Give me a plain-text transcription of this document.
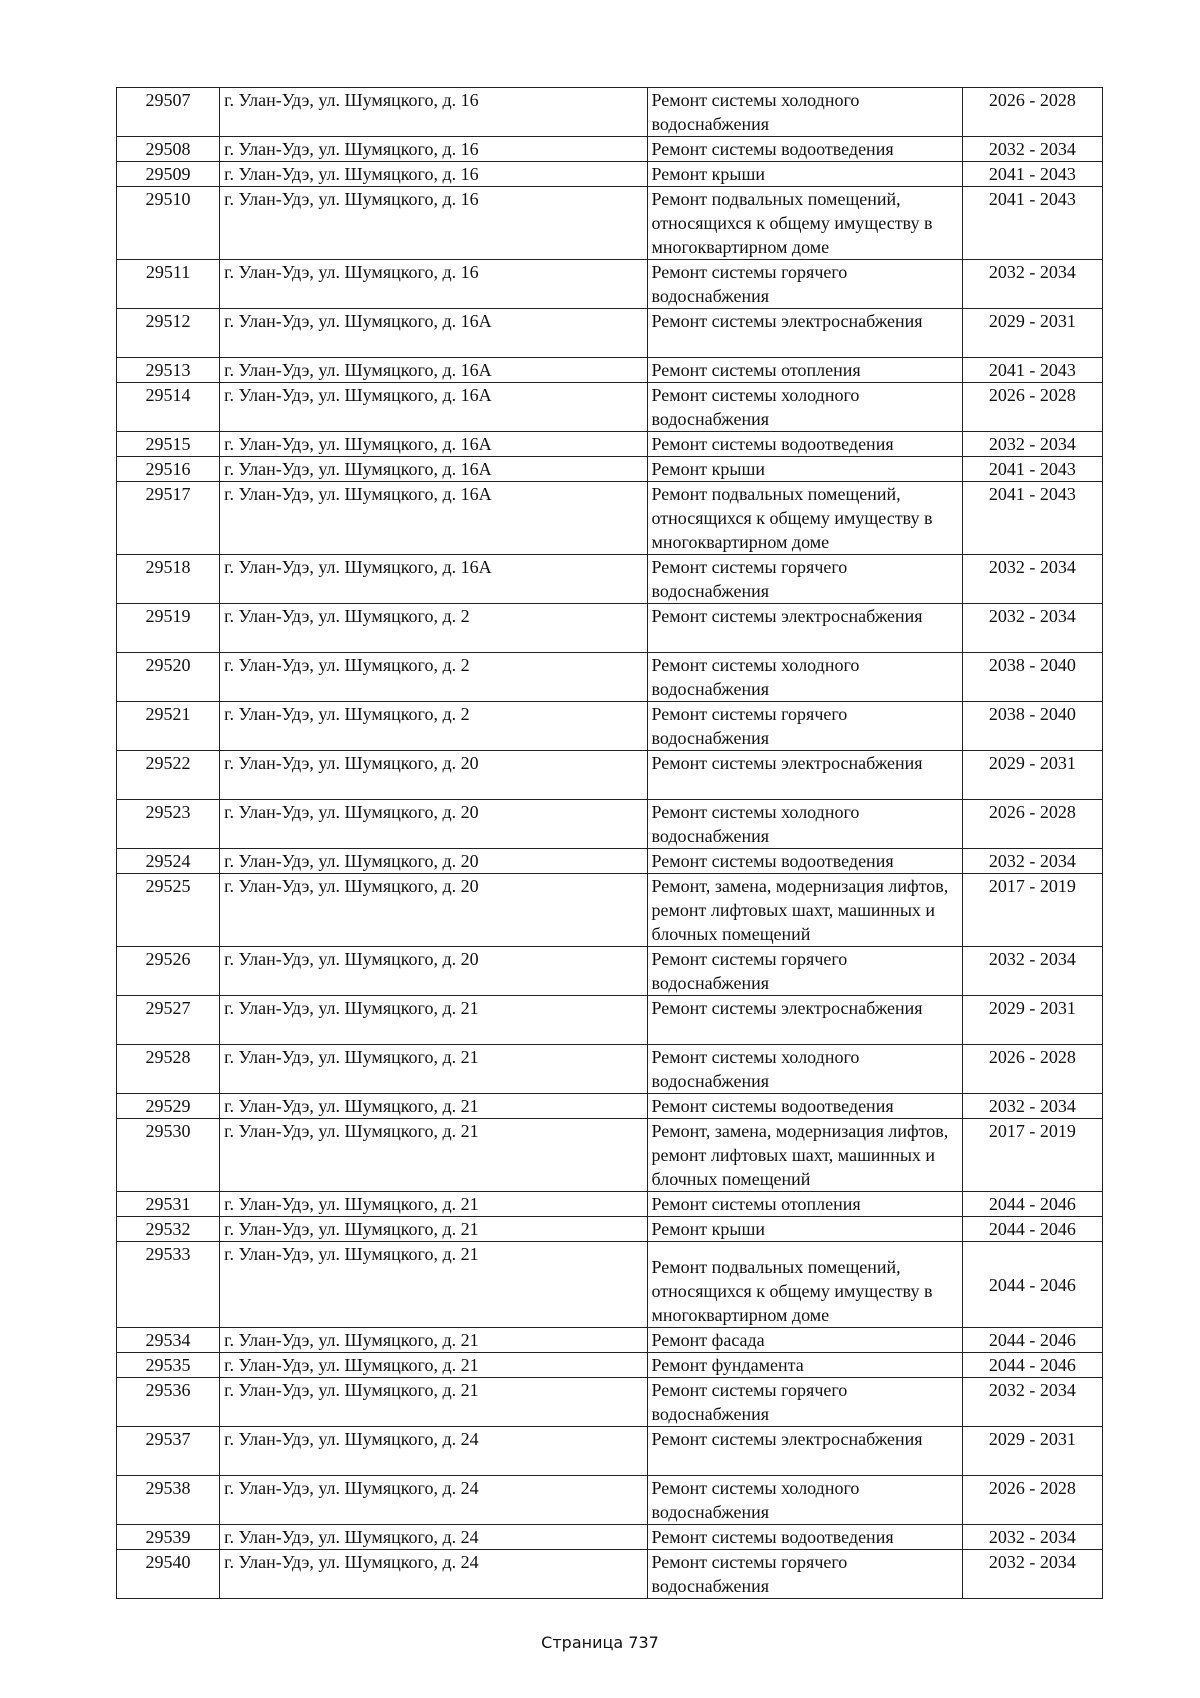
29507	г. Улан-Удэ, ул. Шумяцкого, д. 16	Ремонт системы холодного водоснабжения	2026 - 2028
29508	г. Улан-Удэ, ул. Шумяцкого, д. 16	Ремонт системы водоотведения	2032 - 2034
29509	г. Улан-Удэ, ул. Шумяцкого, д. 16	Ремонт крыши	2041 - 2043
29510	г. Улан-Удэ, ул. Шумяцкого, д. 16	Ремонт подвальных помещений, относящихся к общему имуществу в многоквартирном доме	2041 - 2043
29511	г. Улан-Удэ, ул. Шумяцкого, д. 16	Ремонт системы горячего водоснабжения	2032 - 2034
29512	г. Улан-Удэ, ул. Шумяцкого, д. 16А	Ремонт системы электроснабжения	2029 - 2031
29513	г. Улан-Удэ, ул. Шумяцкого, д. 16А	Ремонт системы отопления	2041 - 2043
29514	г. Улан-Удэ, ул. Шумяцкого, д. 16А	Ремонт системы холодного водоснабжения	2026 - 2028
29515	г. Улан-Удэ, ул. Шумяцкого, д. 16А	Ремонт системы водоотведения	2032 - 2034
29516	г. Улан-Удэ, ул. Шумяцкого, д. 16А	Ремонт крыши	2041 - 2043
29517	г. Улан-Удэ, ул. Шумяцкого, д. 16А	Ремонт подвальных помещений, относящихся к общему имуществу в многоквартирном доме	2041 - 2043
29518	г. Улан-Удэ, ул. Шумяцкого, д. 16А	Ремонт системы горячего водоснабжения	2032 - 2034
29519	г. Улан-Удэ, ул. Шумяцкого, д. 2	Ремонт системы электроснабжения	2032 - 2034
29520	г. Улан-Удэ, ул. Шумяцкого, д. 2	Ремонт системы холодного водоснабжения	2038 - 2040
29521	г. Улан-Удэ, ул. Шумяцкого, д. 2	Ремонт системы горячего водоснабжения	2038 - 2040
29522	г. Улан-Удэ, ул. Шумяцкого, д. 20	Ремонт системы электроснабжения	2029 - 2031
29523	г. Улан-Удэ, ул. Шумяцкого, д. 20	Ремонт системы холодного водоснабжения	2026 - 2028
29524	г. Улан-Удэ, ул. Шумяцкого, д. 20	Ремонт системы водоотведения	2032 - 2034
29525	г. Улан-Удэ, ул. Шумяцкого, д. 20	Ремонт, замена, модернизация лифтов, ремонт лифтовых шахт, машинных и блочных помещений	2017 - 2019
29526	г. Улан-Удэ, ул. Шумяцкого, д. 20	Ремонт системы горячего водоснабжения	2032 - 2034
29527	г. Улан-Удэ, ул. Шумяцкого, д. 21	Ремонт системы электроснабжения	2029 - 2031
29528	г. Улан-Удэ, ул. Шумяцкого, д. 21	Ремонт системы холодного водоснабжения	2026 - 2028
29529	г. Улан-Удэ, ул. Шумяцкого, д. 21	Ремонт системы водоотведения	2032 - 2034
29530	г. Улан-Удэ, ул. Шумяцкого, д. 21	Ремонт, замена, модернизация лифтов, ремонт лифтовых шахт, машинных и блочных помещений	2017 - 2019
29531	г. Улан-Удэ, ул. Шумяцкого, д. 21	Ремонт системы отопления	2044 - 2046
29532	г. Улан-Удэ, ул. Шумяцкого, д. 21	Ремонт крыши	2044 - 2046
29533	г. Улан-Удэ, ул. Шумяцкого, д. 21	Ремонт подвальных помещений, относящихся к общему имуществу в многоквартирном доме	2044 - 2046
29534	г. Улан-Удэ, ул. Шумяцкого, д. 21	Ремонт фасада	2044 - 2046
29535	г. Улан-Удэ, ул. Шумяцкого, д. 21	Ремонт фундамента	2044 - 2046
29536	г. Улан-Удэ, ул. Шумяцкого, д. 21	Ремонт системы горячего водоснабжения	2032 - 2034
29537	г. Улан-Удэ, ул. Шумяцкого, д. 24	Ремонт системы электроснабжения	2029 - 2031
29538	г. Улан-Удэ, ул. Шумяцкого, д. 24	Ремонт системы холодного водоснабжения	2026 - 2028
29539	г. Улан-Удэ, ул. Шумяцкого, д. 24	Ремонт системы водоотведения	2032 - 2034
29540	г. Улан-Удэ, ул. Шумяцкого, д. 24	Ремонт системы горячего водоснабжения	2032 - 2034
Страница 737
